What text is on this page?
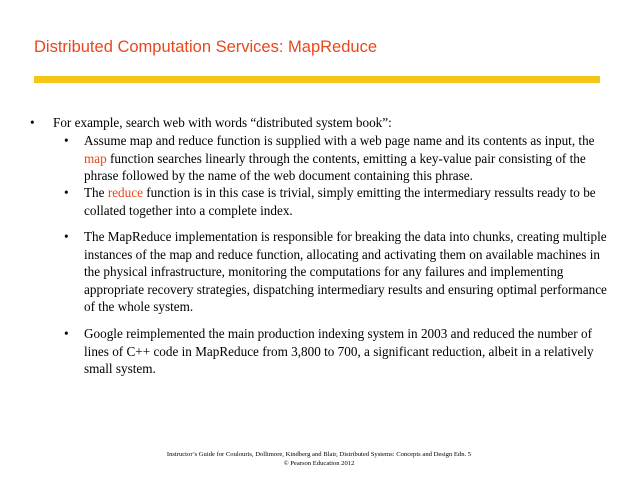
Distributed Computation Services: MapReduce
• For example, search web with words “distributed system book”:
• Assume map and reduce function is supplied with a web page name and its contents as input, the map function searches linearly through the contents, emitting a key-value pair consisting of the phrase followed by the name of the web document containing this phrase.
• The reduce function is in this case is trivial, simply emitting the intermediary ressults ready to be collated together into a complete index.
• The MapReduce implementation is responsible for breaking the data into chunks, creating multiple instances of the map and reduce function, allocating and activating them on available machines in the physical infrastructure, monitoring the computations for any failures and implementing appropriate recovery strategies, dispatching intermediary results and ensuring optimal performance of the whole system.
• Google reimplemented the main production indexing system in 2003 and reduced the number of lines of C++ code in MapReduce from 3,800 to 700, a significant reduction, albeit in a relatively small system.
Instructor’s Guide for Coulouris, Dollimore, Kindberg and Blair, Distributed Systems: Concepts and Design Edn. 5
© Pearson Education 2012
